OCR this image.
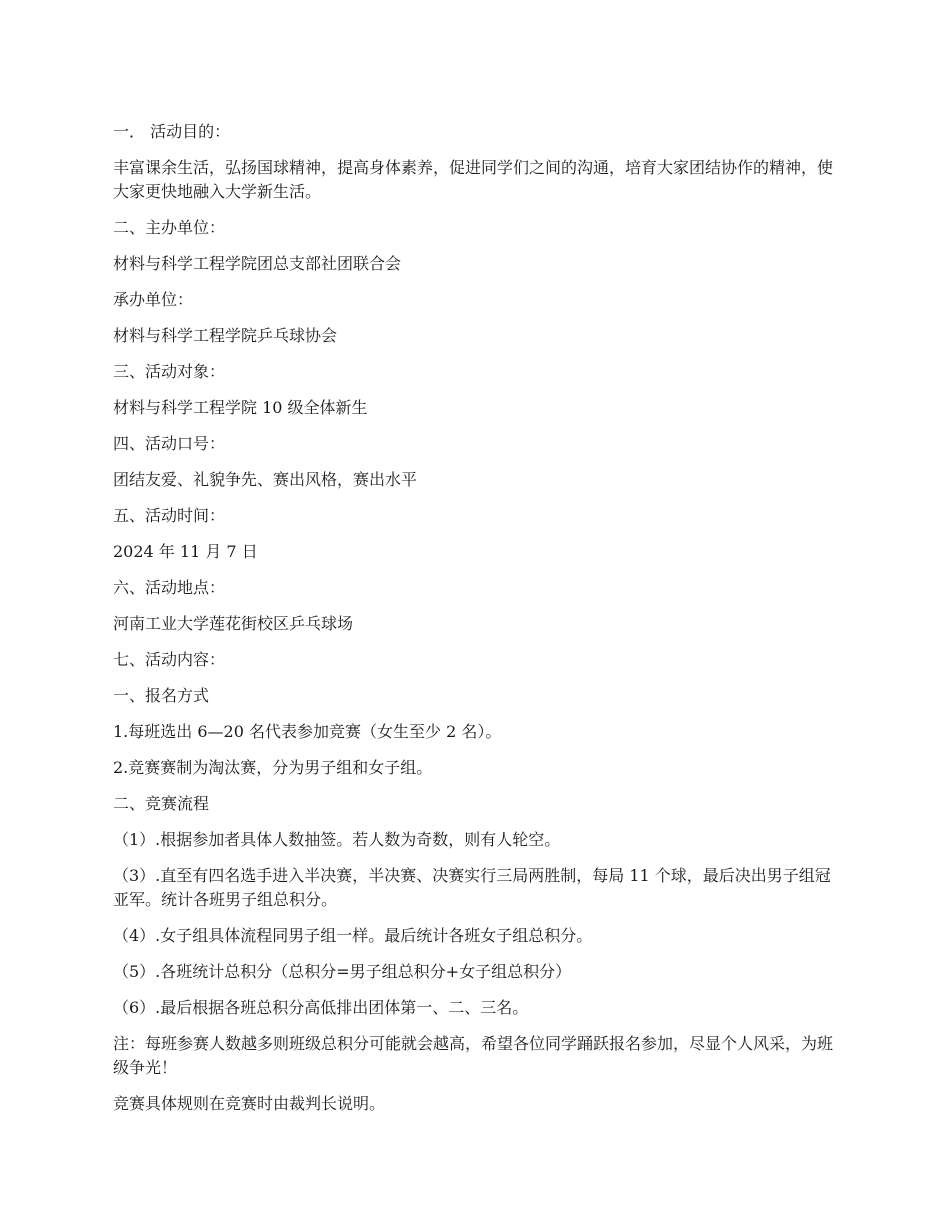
一． 活动目的：

丰富课余生活，弘扬国球精神，提高身体素养，促进同学们之间的沟通，培育大家团结协作的精神，使大家更快地融入大学新生活。

二、主办单位：

材料与科学工程学院团总支部社团联合会

承办单位：

材料与科学工程学院乒乓球协会

三、活动对象：

材料与科学工程学院 10 级全体新生

四、活动口号：

团结友爱、礼貌争先、赛出风格，赛出水平

五、活动时间：

2024 年 11 月 7 日

六、活动地点：

河南工业大学莲花街校区乒乓球场

七、活动内容：

一、报名方式

1.每班选出 6—20 名代表参加竞赛（女生至少 2 名）。

2.竞赛赛制为淘汰赛，分为男子组和女子组。

二、竞赛流程

（1）.根据参加者具体人数抽签。若人数为奇数，则有人轮空。

（3）.直至有四名选手进入半决赛，半决赛、决赛实行三局两胜制，每局 11 个球，最后决出男子组冠亚军。统计各班男子组总积分。

（4）.女子组具体流程同男子组一样。最后统计各班女子组总积分。

（5）.各班统计总积分（总积分=男子组总积分+女子组总积分）

（6）.最后根据各班总积分高低排出团体第一、二、三名。

注：每班参赛人数越多则班级总积分可能就会越高，希望各位同学踊跃报名参加，尽显个人风采，为班级争光！

竞赛具体规则在竞赛时由裁判长说明。
